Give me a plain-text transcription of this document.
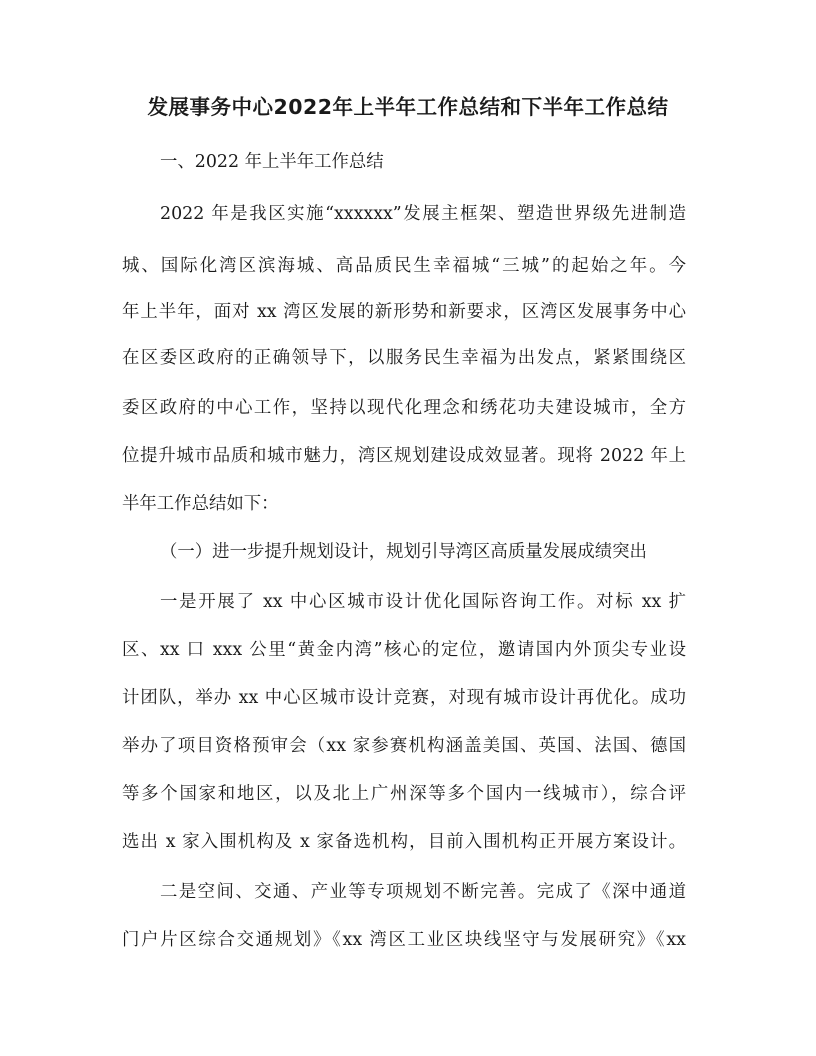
发展事务中心2022年上半年工作总结和下半年工作总结
一、2022 年上半年工作总结
2022 年是我区实施“xxxxxx”发展主框架、塑造世界级先进制造
城、国际化湾区滨海城、高品质民生幸福城“三城”的起始之年。今
年上半年，面对 xx 湾区发展的新形势和新要求，区湾区发展事务中心
在区委区政府的正确领导下，以服务民生幸福为出发点，紧紧围绕区
委区政府的中心工作，坚持以现代化理念和绣花功夫建设城市，全方
位提升城市品质和城市魅力，湾区规划建设成效显著。现将 2022 年上
半年工作总结如下：
（一）进一步提升规划设计，规划引导湾区高质量发展成绩突出
一是开展了 xx 中心区城市设计优化国际咨询工作。对标 xx 扩
区、xx 口 xxx 公里“黄金内湾”核心的定位，邀请国内外顶尖专业设
计团队，举办 xx 中心区城市设计竞赛，对现有城市设计再优化。成功
举办了项目资格预审会（xx 家参赛机构涵盖美国、英国、法国、德国
等多个国家和地区，以及北上广州深等多个国内一线城市），综合评
选出 x 家入围机构及 x 家备选机构，目前入围机构正开展方案设计。
二是空间、交通、产业等专项规划不断完善。完成了《深中通道
门户片区综合交通规划》《xx 湾区工业区块线坚守与发展研究》《xx
